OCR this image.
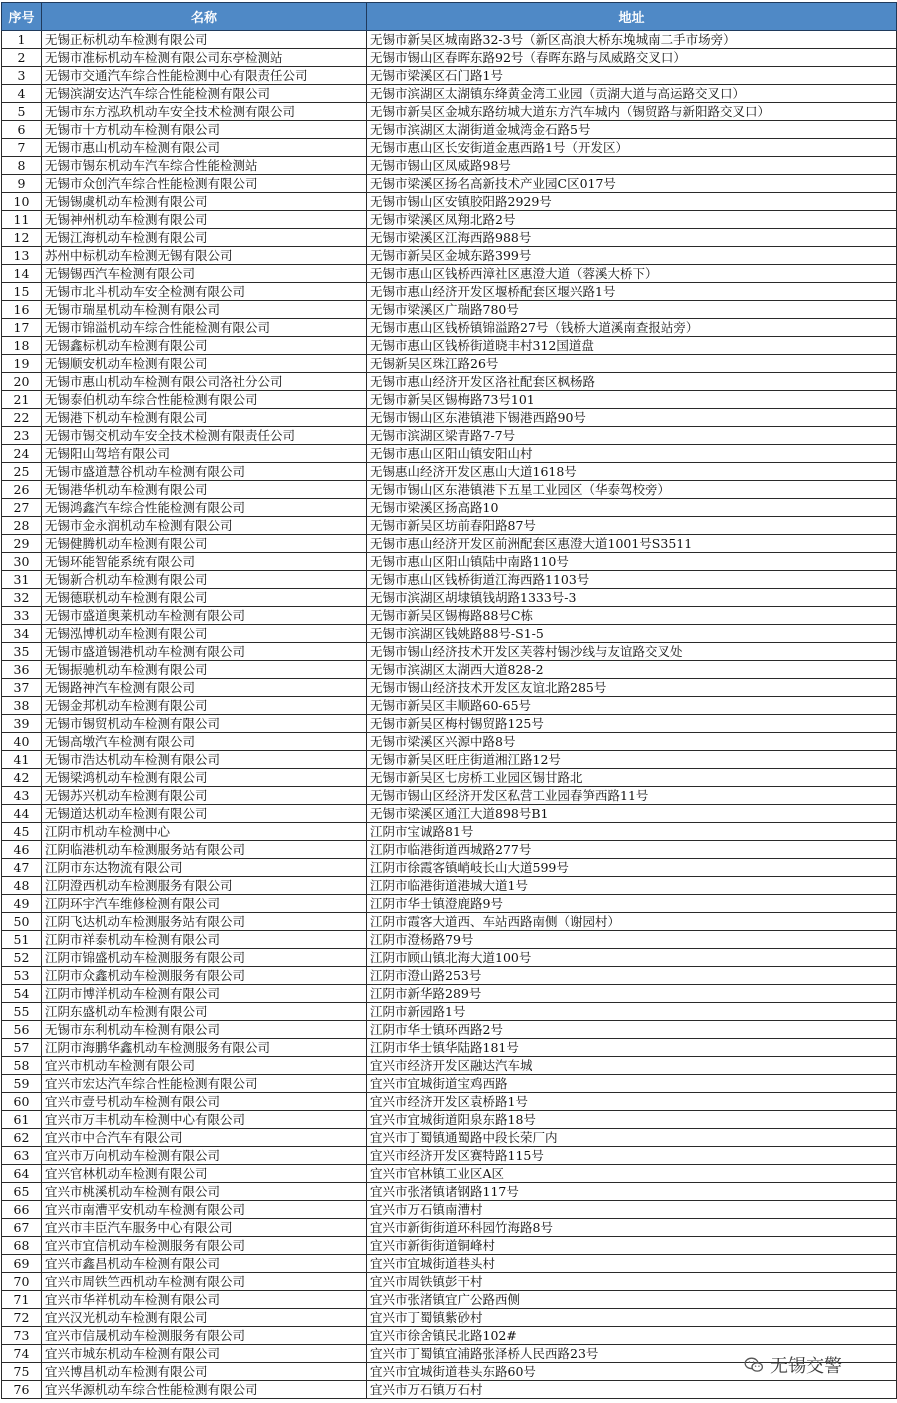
序号	名称	地址
1	无锡正标机动车检测有限公司	无锡市新吴区城南路32-3号（新区高浪大桥东堍城南二手市场旁）
2	无锡市准标机动车检测有限公司东亭检测站	无锡市锡山区春晖东路92号（春晖东路与凤威路交叉口）
3	无锡市交通汽车综合性能检测中心有限责任公司	无锡市梁溪区石门路1号
4	无锡滨湖安达汽车综合性能检测有限公司	无锡市滨湖区太湖镇东绛黄金湾工业园（贡湖大道与高运路交叉口）
5	无锡市东方泓玖机动车安全技术检测有限公司	无锡市新吴区金城东路纺城大道东方汽车城内（锡贸路与新阳路交叉口）
6	无锡市十方机动车检测有限公司	无锡市滨湖区太湖街道金城湾金石路5号
7	无锡市惠山机动车检测有限公司	无锡市惠山区长安街道金惠西路1号（开发区）
8	无锡市锡东机动车汽车综合性能检测站	无锡市锡山区凤威路98号
9	无锡市众创汽车综合性能检测有限公司	无锡市梁溪区扬名高新技术产业园C区017号
10	无锡锡虞机动车检测有限公司	无锡市锡山区安镇胶阳路2929号
11	无锡神州机动车检测有限公司	无锡市梁溪区凤翔北路2号
12	无锡江海机动车检测有限公司	无锡市梁溪区江海西路988号
13	苏州中标机动车检测无锡有限公司	无锡市新吴区金城东路399号
14	无锡锡西汽车检测有限公司	无锡市惠山区钱桥西漳社区惠澄大道（蓉溪大桥下）
15	无锡市北斗机动车安全检测有限公司	无锡市惠山经济开发区堰桥配套区堰兴路1号
16	无锡市瑞星机动车检测有限公司	无锡市梁溪区广瑞路780号
17	无锡市锦溢机动车综合性能检测有限公司	无锡市惠山区钱桥镇锦溢路27号（钱桥大道溪南查报站旁）
18	无锡鑫标机动车检测有限公司	无锡市惠山区钱桥街道晓丰村312国道盘
19	无锡顺安机动车检测有限公司	无锡新吴区珠江路26号
20	无锡市惠山机动车检测有限公司洛社分公司	无锡市惠山经济开发区洛社配套区枫杨路
21	无锡泰伯机动车综合性能检测有限公司	无锡市新吴区锡梅路73号101
22	无锡港下机动车检测有限公司	无锡市锡山区东港镇港下锡港西路90号
23	无锡市锡交机动车安全技术检测有限责任公司	无锡市滨湖区梁青路7-7号
24	无锡阳山驾培有限公司	无锡市惠山区阳山镇安阳山村
25	无锡市盛道慧谷机动车检测有限公司	无锡惠山经济开发区惠山大道1618号
26	无锡港华机动车检测有限公司	无锡市锡山区东港镇港下五星工业园区（华泰驾校旁）
27	无锡鸿鑫汽车综合性能检测有限公司	无锡市梁溪区扬高路10
28	无锡市金永润机动车检测有限公司	无锡市新吴区坊前春阳路87号
29	无锡健腾机动车检测有限公司	无锡市惠山经济开发区前洲配套区惠澄大道1001号S3511
30	无锡环能智能系统有限公司	无锡市惠山区阳山镇陆中南路110号
31	无锡新合机动车检测有限公司	无锡市惠山区钱桥街道江海西路1103号
32	无锡德联机动车检测有限公司	无锡市滨湖区胡埭镇钱胡路1333号-3
33	无锡市盛道奥莱机动车检测有限公司	无锡市新吴区锡梅路88号C栋
34	无锡泓博机动车检测有限公司	无锡市滨湖区钱姚路88号-S1-5
35	无锡市盛道锡港机动车检测有限公司	无锡市锡山经济技术开发区芙蓉村锡沙线与友谊路交叉处
36	无锡振驰机动车检测有限公司	无锡市滨湖区太湖西大道828-2
37	无锡路神汽车检测有限公司	无锡市锡山经济技术开发区友谊北路285号
38	无锡金邦机动车检测有限公司	无锡市新吴区丰顺路60-65号
39	无锡市锡贸机动车检测有限公司	无锡市新吴区梅村锡贸路125号
40	无锡高墩汽车检测有限公司	无锡市梁溪区兴源中路8号
41	无锡市浩达机动车检测有限公司	无锡市新吴区旺庄街道湘江路12号
42	无锡梁鸿机动车检测有限公司	无锡市新吴区七房桥工业园区锡甘路北
43	无锡苏兴机动车检测有限公司	无锡市锡山区经济开发区私营工业园春笋西路11号
44	无锡道达机动车检测有限公司	无锡市梁溪区通江大道898号B1
45	江阴市机动车检测中心	江阴市宝诚路81号
46	江阴临港机动车检测服务站有限公司	江阴市临港街道西城路277号
47	江阴市东达物流有限公司	江阴市徐霞客镇峭岐长山大道599号
48	江阴澄西机动车检测服务有限公司	江阴市临港街道港城大道1号
49	江阴环宇汽车维修检测有限公司	江阴市华士镇澄鹿路9号
50	江阴飞达机动车检测服务站有限公司	江阴市霞客大道西、车站西路南侧（谢园村）
51	江阴市祥泰机动车检测有限公司	江阴市澄杨路79号
52	江阴市锦盛机动车检测服务有限公司	江阴市顾山镇北海大道100号
53	江阴市众鑫机动车检测服务有限公司	江阴市澄山路253号
54	江阴市博洋机动车检测有限公司	江阴市新华路289号
55	江阴东盛机动车检测有限公司	江阴市新园路1号
56	无锡市东利机动车检测有限公司	江阴市华士镇环西路2号
57	江阴市海鹏华鑫机动车检测服务有限公司	江阴市华士镇华陆路181号
58	宜兴市机动车检测有限公司	宜兴市经济开发区融达汽车城
59	宜兴市宏达汽车综合性能检测有限公司	宜兴市宜城街道宝鸡西路
60	宜兴市壹号机动车检测有限公司	宜兴市经济开发区袁桥路1号
61	宜兴市万丰机动车检测中心有限公司	宜兴市宜城街道阳泉东路18号
62	宜兴市中合汽车有限公司	宜兴市丁蜀镇通蜀路中段长荣厂内
63	宜兴市万向机动车检测有限公司	宜兴市经济开发区赛特路115号
64	宜兴官林机动车检测有限公司	宜兴市官林镇工业区A区
65	宜兴市桃溪机动车检测有限公司	宜兴市张渚镇诸钢路117号
66	宜兴市南漕平安机动车检测有限公司	宜兴市万石镇南漕村
67	宜兴市丰臣汽车服务中心有限公司	宜兴市新街街道环科园竹海路8号
68	宜兴市宜信机动车检测服务有限公司	宜兴市新街街道铜峰村
69	宜兴市鑫昌机动车检测有限公司	宜兴市宜城街道巷头村
70	宜兴市周铁竺西机动车检测有限公司	宜兴市周铁镇彭干村
71	宜兴市华祥机动车检测有限公司	宜兴市张渚镇宜广公路西侧
72	宜兴汉光机动车检测有限公司	宜兴市丁蜀镇紫砂村
73	宜兴市信晟机动车检测服务有限公司	宜兴市徐舍镇民北路102#
74	宜兴市城东机动车检测有限公司	宜兴市丁蜀镇宜浦路张泽桥人民西路23号
75	宜兴博昌机动车检测有限公司	宜兴市宜城街道巷头东路60号
76	宜兴华源机动车综合性能检测有限公司	宜兴市万石镇万石村
无锡交警
